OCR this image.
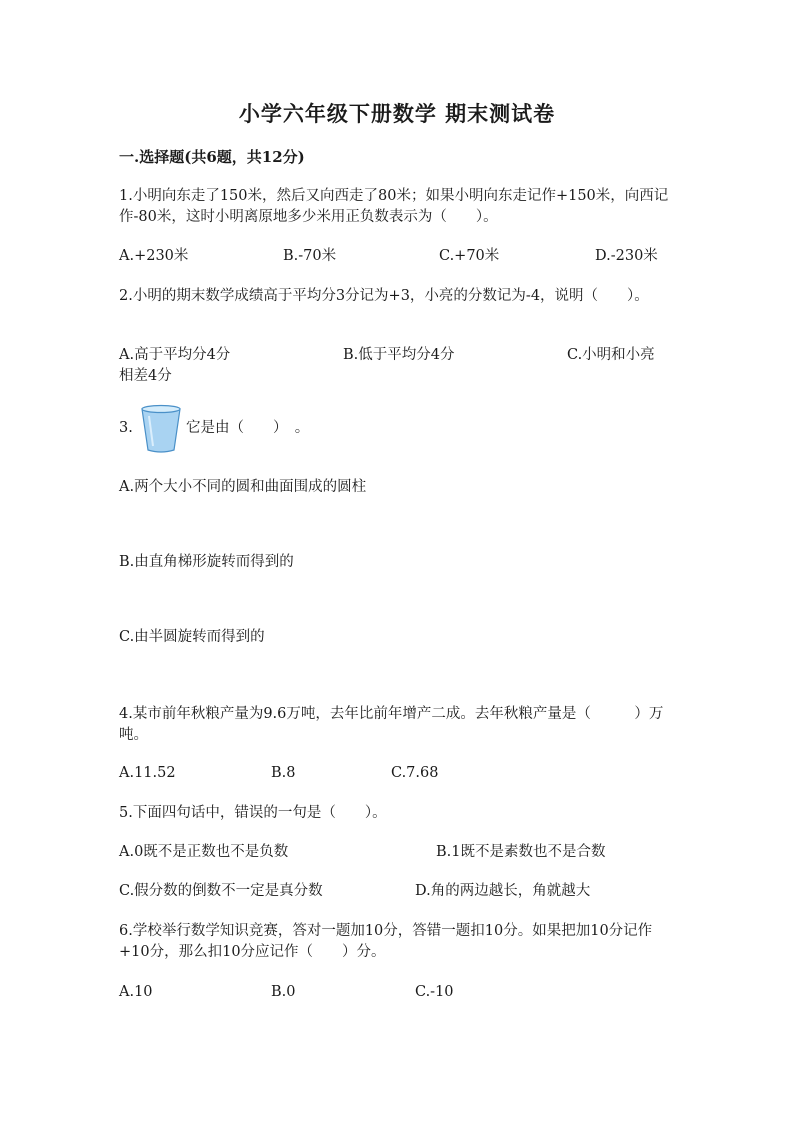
小学六年级下册数学 期末测试卷
一.选择题(共6题，共12分)
1.小明向东走了150米，然后又向西走了80米；如果小明向东走记作+150米，向西记作-80米，这时小明离原地多少米用正负数表示为（　　）。
A.+230米	B.-70米	C.+70米	D.-230米
2.小明的期末数学成绩高于平均分3分记为+3，小亮的分数记为-4，说明（　　）。
A.高于平均分4分	B.低于平均分4分	C.小明和小亮相差4分
3.	它是由（　　）　。
A.两个大小不同的圆和曲面围成的圆柱
B.由直角梯形旋转而得到的
C.由半圆旋转而得到的
4.某市前年秋粮产量为9.6万吨，去年比前年增产二成。去年秋粮产量是（　　　）万吨。
A.11.52	B.8	C.7.68
5.下面四句话中，错误的一句是（　　）。
A.0既不是正数也不是负数	B.1既不是素数也不是合数
C.假分数的倒数不一定是真分数	D.角的两边越长，角就越大
6.学校举行数学知识竞赛，答对一题加10分，答错一题扣10分。如果把加10分记作+10分，那么扣10分应记作（　　）分。
A.10	B.0	C.-10
